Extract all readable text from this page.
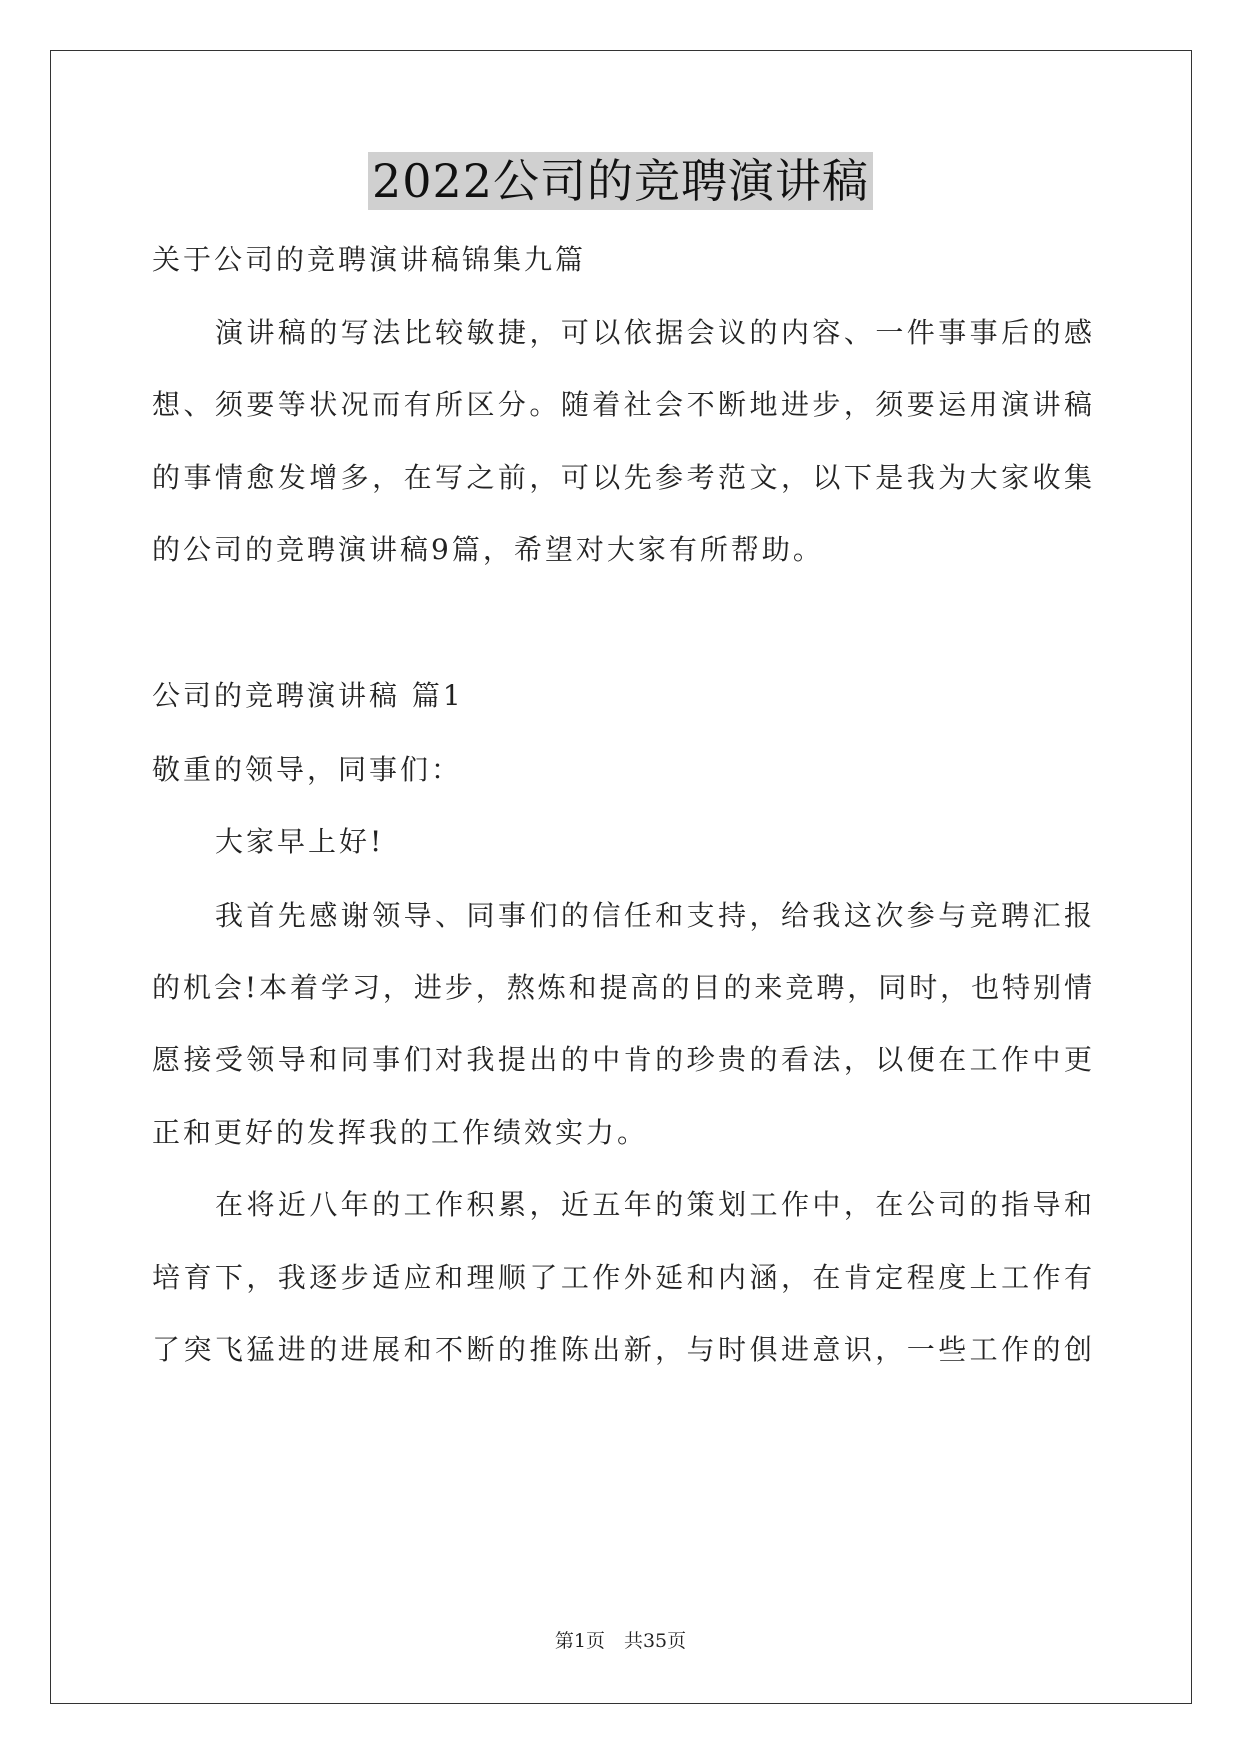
2022公司的竞聘演讲稿
关于公司的竞聘演讲稿锦集九篇
演讲稿的写法比较敏捷，可以依据会议的内容、一件事事后的感
想、须要等状况而有所区分。随着社会不断地进步，须要运用演讲稿
的事情愈发增多，在写之前，可以先参考范文，以下是我为大家收集
的公司的竞聘演讲稿9篇，希望对大家有所帮助。
公司的竞聘演讲稿 篇1
敬重的领导，同事们：
大家早上好!
我首先感谢领导、同事们的信任和支持，给我这次参与竞聘汇报
的机会!本着学习，进步，熬炼和提高的目的来竞聘，同时，也特别情
愿接受领导和同事们对我提出的中肯的珍贵的看法，以便在工作中更
正和更好的发挥我的工作绩效实力。
在将近八年的工作积累，近五年的策划工作中，在公司的指导和
培育下，我逐步适应和理顺了工作外延和内涵，在肯定程度上工作有
了突飞猛进的进展和不断的推陈出新，与时俱进意识，一些工作的创
第1页　共35页
